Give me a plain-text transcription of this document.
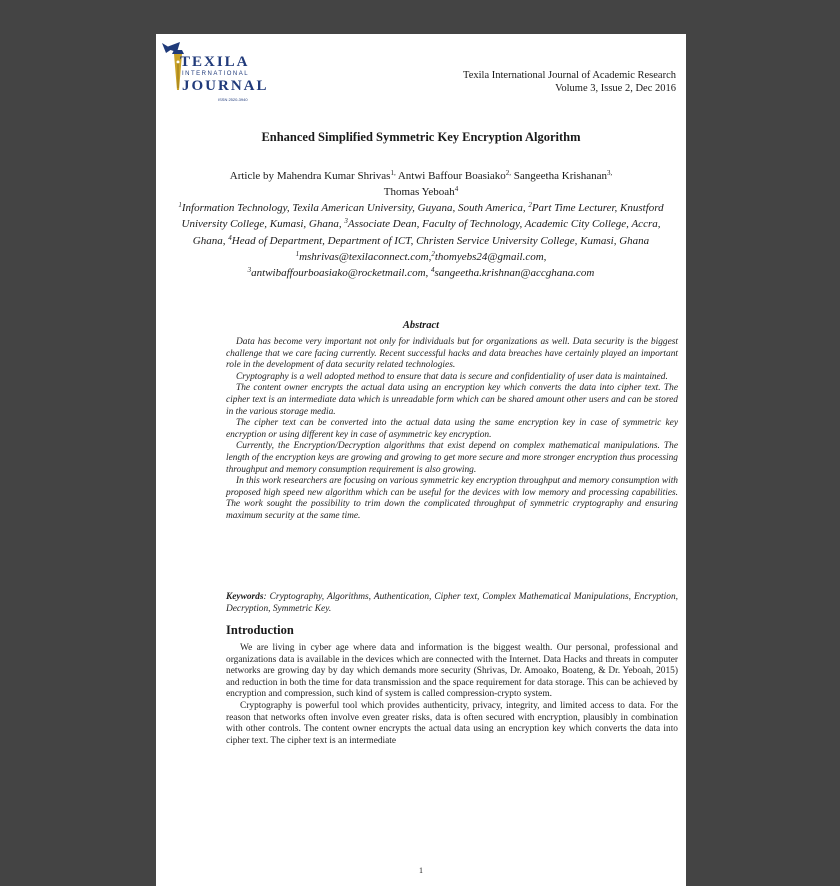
TEXILA
INTERNATIONAL
JOURNAL
ISSN 2520-3940
Texila International Journal of Academic Research
Volume 3, Issue 2, Dec 2016
Enhanced Simplified Symmetric Key Encryption Algorithm
Article by Mahendra Kumar Shrivas$^{1,}$ Antwi Baffour Boasiako$^{2,}$ Sangeetha Krishanan$^{3,}$
Thomas Yeboah$^4$
$^1$Information Technology, Texila American University, Guyana, South America, $^2$Part Time Lecturer, Knustford University College, Kumasi, Ghana, $^3$Associate Dean, Faculty of Technology, Academic City College, Accra, Ghana, $^4$Head of Department, Department of ICT, Christen Service University College, Kumasi, Ghana
$^1$mshrivas@texilaconnect.com,$^2$thomyebs24@gmail.com,
$^3$antwibaffourboasiako@rocketmail.com, $^4$sangeetha.krishnan@accghana.com
Abstract

Data has become very important not only for individuals but for organizations as well. Data security is the biggest challenge that we care facing currently. Recent successful hacks and data breaches have certainly played an important role in the development of data security related technologies.

Cryptography is a well adopted method to ensure that data is secure and confidentiality of user data is maintained.

The content owner encrypts the actual data using an encryption key which converts the data into cipher text. The cipher text is an intermediate data which is unreadable form which can be shared amount other users and can be stored in the various storage media.

The cipher text can be converted into the actual data using the same encryption key in case of symmetric key encryption or using different key in case of asymmetric key encryption.

Currently, the Encryption/Decryption algorithms that exist depend on complex mathematical manipulations. The length of the encryption keys are growing and growing to get more secure and more stronger encryption thus processing throughput and memory consumption requirement is also growing.

In this work researchers are focusing on various symmetric key encryption throughput and memory consumption with proposed high speed new algorithm which can be useful for the devices with low memory and processing capabilities. The work sought the possibility to trim down the complicated throughput of symmetric cryptography and ensuring maximum security at the same time.

Keywords: Cryptography, Algorithms, Authentication, Cipher text, Complex Mathematical Manipulations, Encryption, Decryption, Symmetric Key.
Introduction

We are living in cyber age where data and information is the biggest wealth. Our personal, professional and organizations data is available in the devices which are connected with the Internet. Data Hacks and threats in computer networks are growing day by day which demands more security (Shrivas, Dr. Amoako, Boateng, & Dr. Yeboah, 2015) and reduction in both the time for data transmission and the space requirement for data storage. This can be achieved by encryption and compression, such kind of system is called compression-crypto system.

Cryptography is powerful tool which provides authenticity, privacy, integrity, and limited access to data. For the reason that networks often involve even greater risks, data is often secured with encryption, plausibly in combination with other controls. The content owner encrypts the actual data using an encryption key which converts the data into cipher text. The cipher text is an intermediate

1
